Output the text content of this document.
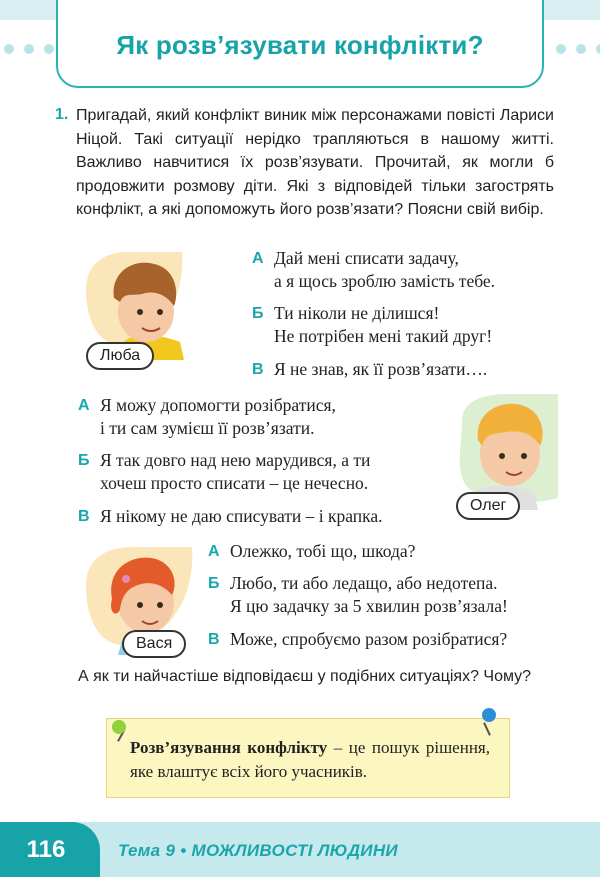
Як розв’язувати конфлікти?
1. Пригадай, який конфлікт виник між персонажами повісті Лариси Ніцой. Такі ситуації нерідко трапляються в нашому житті. Важливо навчитися їх розв’язувати. Прочитай, як могли б продовжити розмову діти. Які з відповідей тільки загострять конфлікт, а які допоможуть його розв’язати? Поясни свій вибір.

Люба
А Дай мені списати задачу,
а я щось зроблю замість тебе.
Б Ти ніколи не ділишся!
Не потрібен мені такий друг!
В Я не знав, як її розв’язати….
А Я можу допомогти розібратися,
і ти сам зумієш її розв’язати.
Б Я так довго над нею марудився, а ти
хочеш просто списати – це нечесно.
В Я нікому не даю списувати – і крапка.
Олег
Вася
А Олежко, тобі що, шкода?
Б Любо, ти або ледащо, або недотепа.
Я цю задачку за 5 хвилин розв’язала!
В Може, спробуємо разом розібратися?

А як ти найчастіше відповідаєш у подібних ситуаціях? Чому?

Розв’язування конфлікту – це пошук рішення, яке влаштує всіх його учасників.

116	Тема 9 • МОЖЛИВОСТІ ЛЮДИНИ
